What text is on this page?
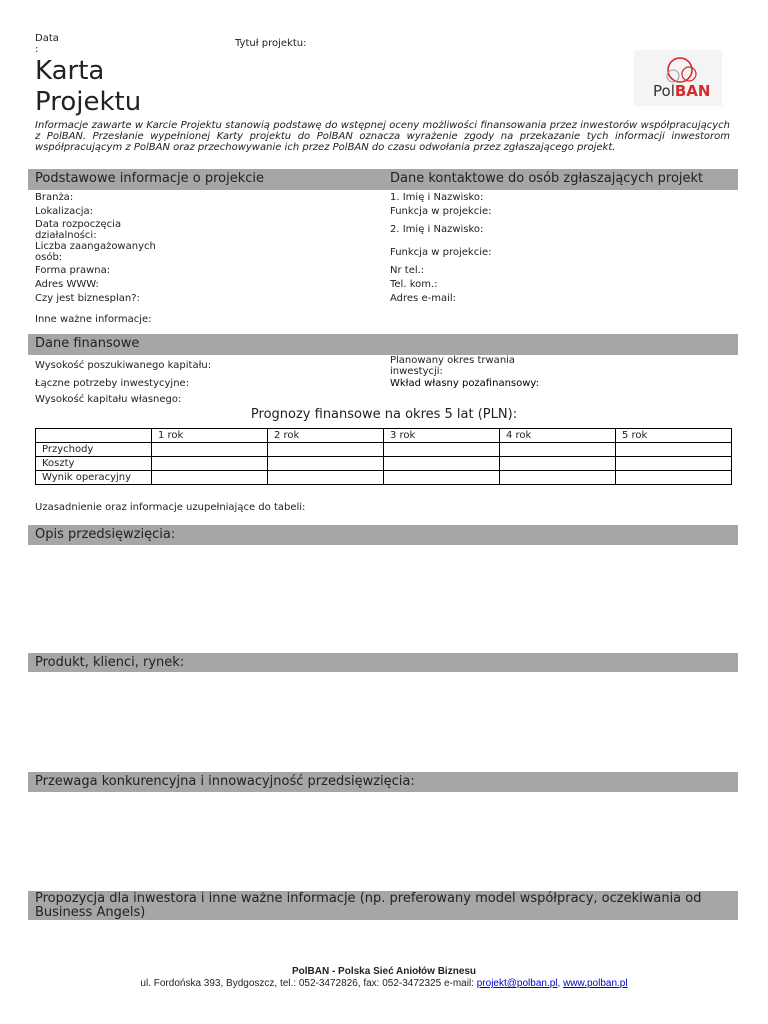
Data
:
Tytuł projektu:
Karta
Projektu	PolBAN
Informacje zawarte w Karcie Projektu stanowią podstawę do wstępnej oceny możliwości finansowania przez inwestorów współpracujących z PolBAN. Przesłanie wypełnionej Karty projektu do PolBAN oznacza wyrażenie zgody na przekazanie tych informacji inwestorom współpracującym z PolBAN oraz przechowywanie ich przez PolBAN do czasu odwołania przez zgłaszającego projekt.
Podstawowe informacje o projekcie	Dane kontaktowe do osób zgłaszających projekt
Branża:
Lokalizacja:
Data rozpoczęcia
działalności:
Liczba zaangażowanych
osób:
Forma prawna:
Adres WWW:
Czy jest biznesplan?:
Inne ważne informacje:
1. Imię i Nazwisko:
Funkcja w projekcie:
2. Imię i Nazwisko:
Funkcja w projekcie:
Nr tel.:
Tel. kom.:
Adres e-mail:
Dane finansowe
Wysokość poszukiwanego kapitału:
Łączne potrzeby inwestycyjne:
Wysokość kapitału własnego:
Planowany okres trwania
inwestycji:
Wkład własny pozafinansowy:
Prognozy finansowe na okres 5 lat (PLN):
	1 rok	2 rok	3 rok	4 rok	5 rok
Przychody					
Koszty					
Wynik operacyjny					
Uzasadnienie oraz informacje uzupełniające do tabeli:
Opis przedsięwzięcia:
Produkt, klienci, rynek:
Przewaga konkurencyjna i innowacyjność przedsięwzięcia:
Propozycja dla inwestora i inne ważne informacje (np. preferowany model współpracy, oczekiwania od Business Angels)
PolBAN - Polska Sieć Aniołów Biznesu
ul. Fordońska 393, Bydgoszcz, tel.: 052-3472826, fax: 052-3472325 e-mail: projekt@polban.pl, www.polban.pl
